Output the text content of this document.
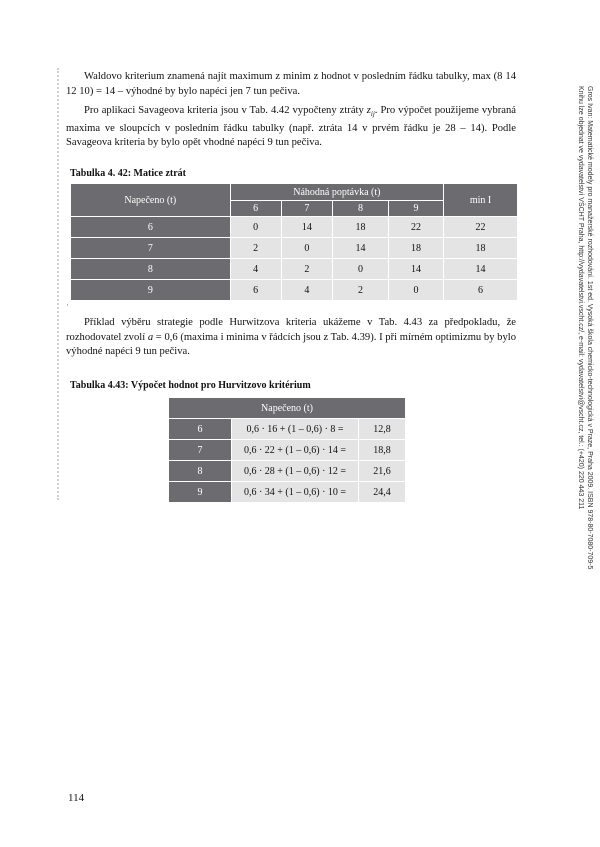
Waldovo kriterium znamená najít maximum z minim z hodnot v posledním řádku tabulky, max (8 14 12 10) = 14 – výhodné by bylo napéci jen 7 tun pečiva.

Pro aplikaci Savageova kriteria jsou v Tab. 4.42 vypočteny ztráty $z_{ij}$. Pro výpočet použijeme vybraná maxima ve sloupcích v posledním řádku tabulky (např. ztráta 14 v prvém řádku je 28 – 14). Podle Savageova kriteria by bylo opět vhodné napéci 9 tun pečiva.

Tabulka 4. 42: Matice ztrát

Napečeno (t)	Náhodná poptávka (t)				min I
	6	7	8	9	
6	0	14	18	22	22
7	2	0	14	18	18
8	4	2	0	14	14
9	6	4	2	0	6
·

Příklad výběru strategie podle Hurwitzova kriteria ukážeme v Tab. 4.43 za předpokladu, že rozhodovatel zvolí a = 0,6 (maxima i minima v řádcích jsou z Tab. 4.39). I při mírném optimizmu by bylo výhodné napéci 9 tun pečiva.

Tabulka 4.43: Výpočet hodnot pro Hurvitzovo kritérium

Napečeno (t)		
6	0,6 · 16 + (1 – 0,6) · 8 =	12,8
7	0,6 · 22 + (1 – 0,6) · 14 =	18,8
8	0,6 · 28 + (1 – 0,6) · 12 =	21,6
9	0,6 · 34 + (1 – 0,6) · 10 =	24,4

114

Gros Ivan: Matematické modely pro manažerské rozhodování. 1st ed. Vysoká škola chemicko-technologická v Praze, Praha 2009. ISBN 978-80-7080-709-5
Knihu lze objednat ve vydavatelství VŠCHT Praha, http://vydavatelstvi.vscht.cz/, e-mail: vydavatelstvi@vscht.cz, tel.: (+420) 220 443 211
